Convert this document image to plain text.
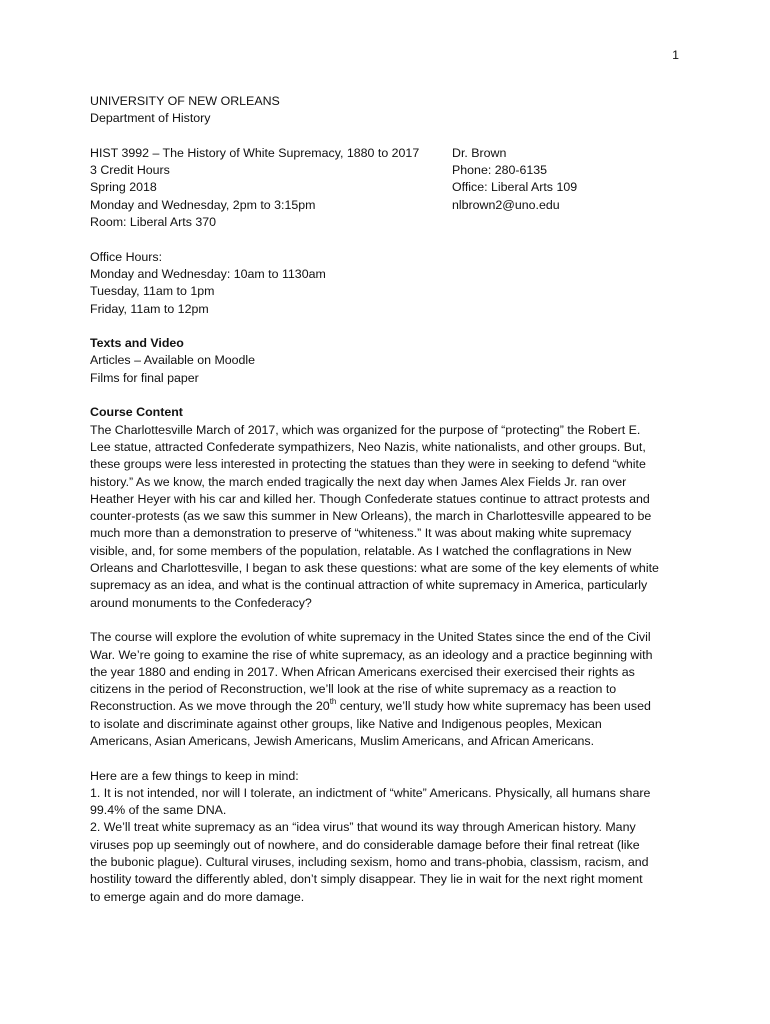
1
UNIVERSITY OF NEW ORLEANS
Department of History
HIST 3992 – The History of White Supremacy, 1880 to 2017
3 Credit Hours
Spring 2018
Monday and Wednesday, 2pm to 3:15pm
Room: Liberal Arts 370
Dr. Brown
Phone: 280-6135
Office: Liberal Arts 109
nlbrown2@uno.edu
Office Hours:
Monday and Wednesday: 10am to 1130am
Tuesday, 11am to 1pm
Friday, 11am to 12pm
Texts and Video
Articles – Available on Moodle
Films for final paper
Course Content
The Charlottesville March of 2017, which was organized for the purpose of “protecting” the Robert E.
Lee statue, attracted Confederate sympathizers, Neo Nazis, white nationalists, and other groups. But,
these groups were less interested in protecting the statues than they were in seeking to defend “white
history.” As we know, the march ended tragically the next day when James Alex Fields Jr. ran over
Heather Heyer with his car and killed her. Though Confederate statues continue to attract protests and
counter-protests (as we saw this summer in New Orleans), the march in Charlottesville appeared to be
much more than a demonstration to preserve of “whiteness.” It was about making white supremacy
visible, and, for some members of the population, relatable. As I watched the conflagrations in New
Orleans and Charlottesville, I began to ask these questions: what are some of the key elements of white
supremacy as an idea, and what is the continual attraction of white supremacy in America, particularly
around monuments to the Confederacy?
The course will explore the evolution of white supremacy in the United States since the end of the Civil
War. We’re going to examine the rise of white supremacy, as an ideology and a practice beginning with
the year 1880 and ending in 2017. When African Americans exercised their exercised their rights as
citizens in the period of Reconstruction, we’ll look at the rise of white supremacy as a reaction to
Reconstruction. As we move through the 20th century, we’ll study how white supremacy has been used
to isolate and discriminate against other groups, like Native and Indigenous peoples, Mexican
Americans, Asian Americans, Jewish Americans, Muslim Americans, and African Americans.
Here are a few things to keep in mind:
1. It is not intended, nor will I tolerate, an indictment of “white” Americans. Physically, all humans share
99.4% of the same DNA.
2. We’ll treat white supremacy as an “idea virus” that wound its way through American history. Many
viruses pop up seemingly out of nowhere, and do considerable damage before their final retreat (like
the bubonic plague). Cultural viruses, including sexism, homo and trans-phobia, classism, racism, and
hostility toward the differently abled, don’t simply disappear. They lie in wait for the next right moment
to emerge again and do more damage.
